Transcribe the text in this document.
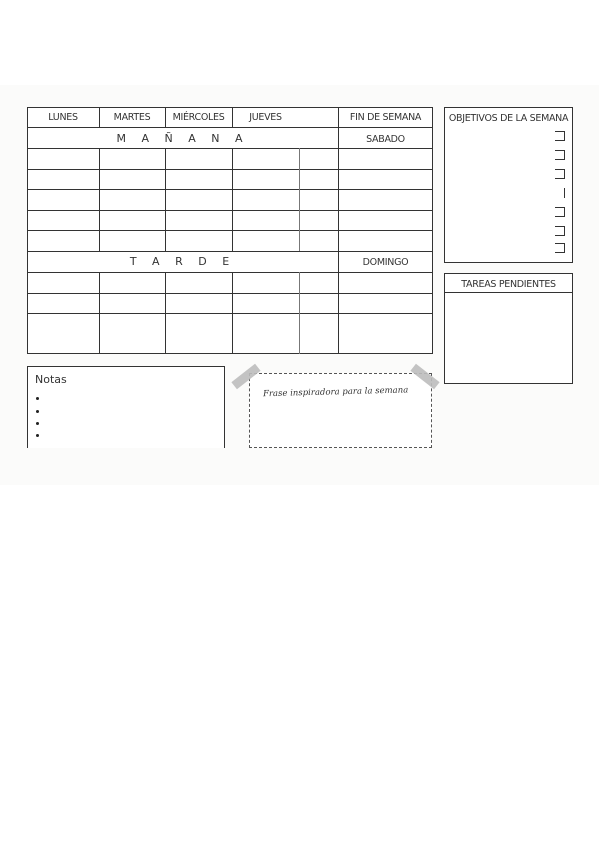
LUNES	MARTES	MIÉRCOLES	JUEVES	FIN DE SEMANA
M A Ñ A N A	SABADO
T A R D E	DOMINGO
OBJETIVOS DE LA SEMANA
TAREAS PENDIENTES
Notas
Frase inspiradora para la semana
